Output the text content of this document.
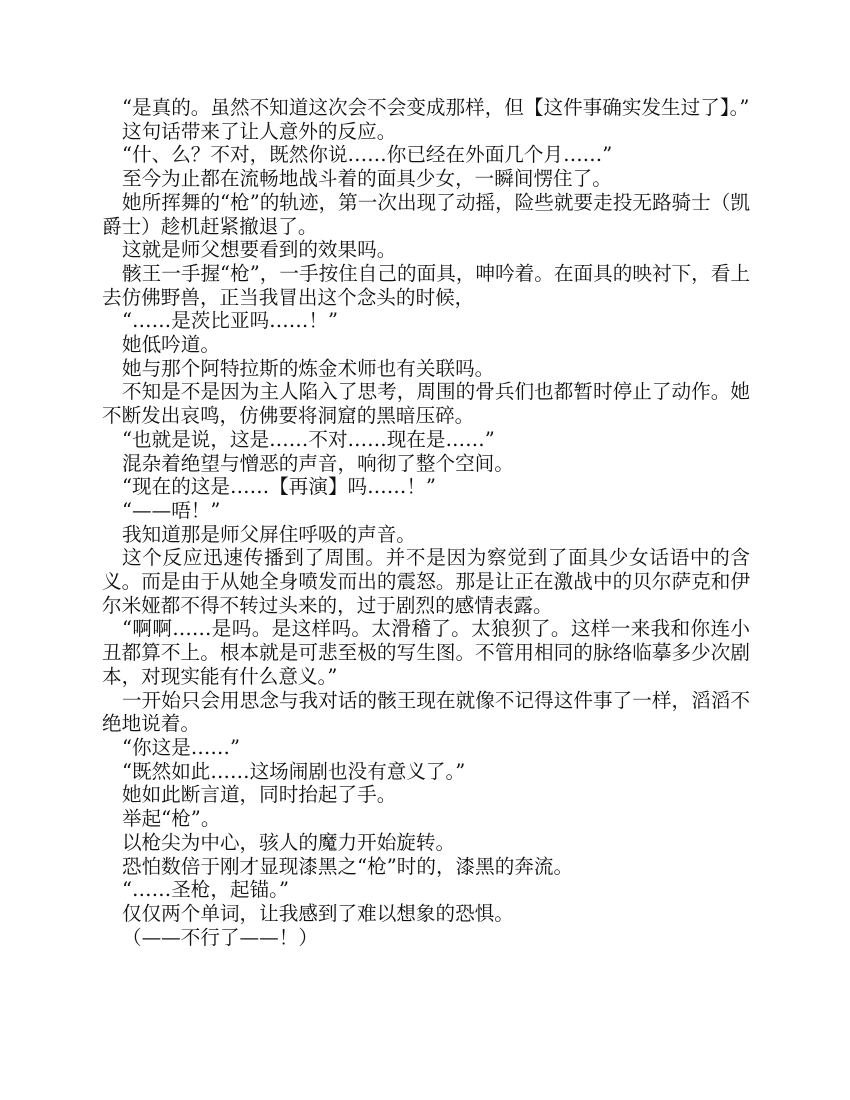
“是真的。虽然不知道这次会不会变成那样，但【这件事确实发生过了】。”

这句话带来了让人意外的反应。

“什、么？不对，既然你说……你已经在外面几个月……”

至今为止都在流畅地战斗着的面具少女，一瞬间愣住了。

她所挥舞的“枪”的轨迹，第一次出现了动摇，险些就要走投无路骑士（凯爵士）趁机赶紧撤退了。

这就是师父想要看到的效果吗。

骸王一手握“枪”，一手按住自己的面具，呻吟着。在面具的映衬下，看上去仿佛野兽，正当我冒出这个念头的时候，

“……是茨比亚吗……！”

她低吟道。

她与那个阿特拉斯的炼金术师也有关联吗。

不知是不是因为主人陷入了思考，周围的骨兵们也都暂时停止了动作。她不断发出哀鸣，仿佛要将洞窟的黑暗压碎。

“也就是说，这是……不对……现在是……”

混杂着绝望与憎恶的声音，响彻了整个空间。

“现在的这是……【再演】吗……！”

“——唔！”

我知道那是师父屏住呼吸的声音。

这个反应迅速传播到了周围。并不是因为察觉到了面具少女话语中的含义。而是由于从她全身喷发而出的震怒。那是让正在激战中的贝尔萨克和伊尔米娅都不得不转过头来的，过于剧烈的感情表露。

“啊啊……是吗。是这样吗。太滑稽了。太狼狈了。这样一来我和你连小丑都算不上。根本就是可悲至极的写生图。不管用相同的脉络临摹多少次剧本，对现实能有什么意义。”

一开始只会用思念与我对话的骸王现在就像不记得这件事了一样，滔滔不绝地说着。

“你这是……”

“既然如此……这场闹剧也没有意义了。”

她如此断言道，同时抬起了手。

举起“枪”。

以枪尖为中心，骇人的魔力开始旋转。

恐怕数倍于刚才显现漆黑之“枪”时的，漆黑的奔流。

“……圣枪，起锚。”

仅仅两个单词，让我感到了难以想象的恐惧。

（——不行了——！）
